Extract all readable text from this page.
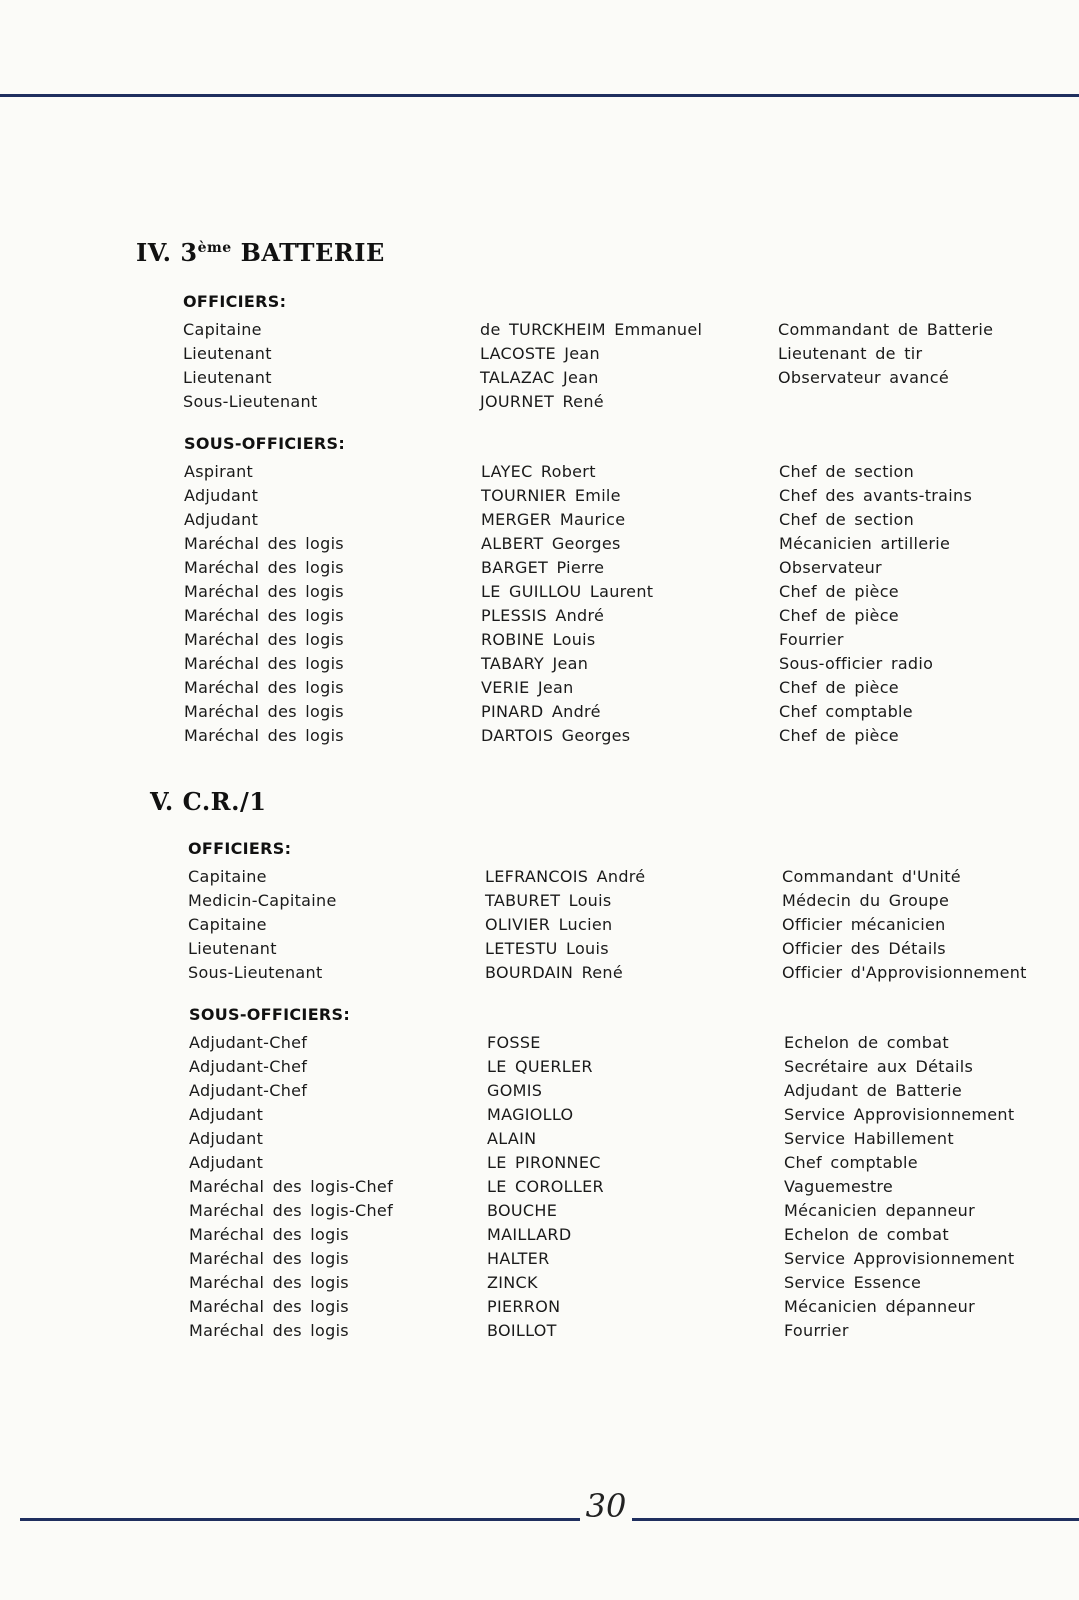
IV. 3ème BATTERIE
OFFICIERS:
Capitaine
Lieutenant
Lieutenant
Sous-Lieutenant
de TURCKHEIM Emmanuel
LACOSTE Jean
TALAZAC Jean
JOURNET René
Commandant de Batterie
Lieutenant de tir
Observateur avancé
SOUS-OFFICIERS:
Aspirant
Adjudant
Adjudant
Maréchal des logis
Maréchal des logis
Maréchal des logis
Maréchal des logis
Maréchal des logis
Maréchal des logis
Maréchal des logis
Maréchal des logis
Maréchal des logis
LAYEC Robert
TOURNIER Emile
MERGER Maurice
ALBERT Georges
BARGET Pierre
LE GUILLOU Laurent
PLESSIS André
ROBINE Louis
TABARY Jean
VERIE Jean
PINARD André
DARTOIS Georges
Chef de section
Chef des avants-trains
Chef de section
Mécanicien artillerie
Observateur
Chef de pièce
Chef de pièce
Fourrier
Sous-officier radio
Chef de pièce
Chef comptable
Chef de pièce
V. C.R./1
OFFICIERS:
Capitaine
Medicin-Capitaine
Capitaine
Lieutenant
Sous-Lieutenant
LEFRANCOIS André
TABURET Louis
OLIVIER Lucien
LETESTU Louis
BOURDAIN René
Commandant d'Unité
Médecin du Groupe
Officier mécanicien
Officier des Détails
Officier d'Approvisionnement
SOUS-OFFICIERS:
Adjudant-Chef
Adjudant-Chef
Adjudant-Chef
Adjudant
Adjudant
Adjudant
Maréchal des logis-Chef
Maréchal des logis-Chef
Maréchal des logis
Maréchal des logis
Maréchal des logis
Maréchal des logis
Maréchal des logis
FOSSE
LE QUERLER
GOMIS
MAGIOLLO
ALAIN
LE PIRONNEC
LE COROLLER
BOUCHE
MAILLARD
HALTER
ZINCK
PIERRON
BOILLOT
Echelon de combat
Secrétaire aux Détails
Adjudant de Batterie
Service Approvisionnement
Service Habillement
Chef comptable
Vaguemestre
Mécanicien depanneur
Echelon de combat
Service Approvisionnement
Service Essence
Mécanicien dépanneur
Fourrier
30
